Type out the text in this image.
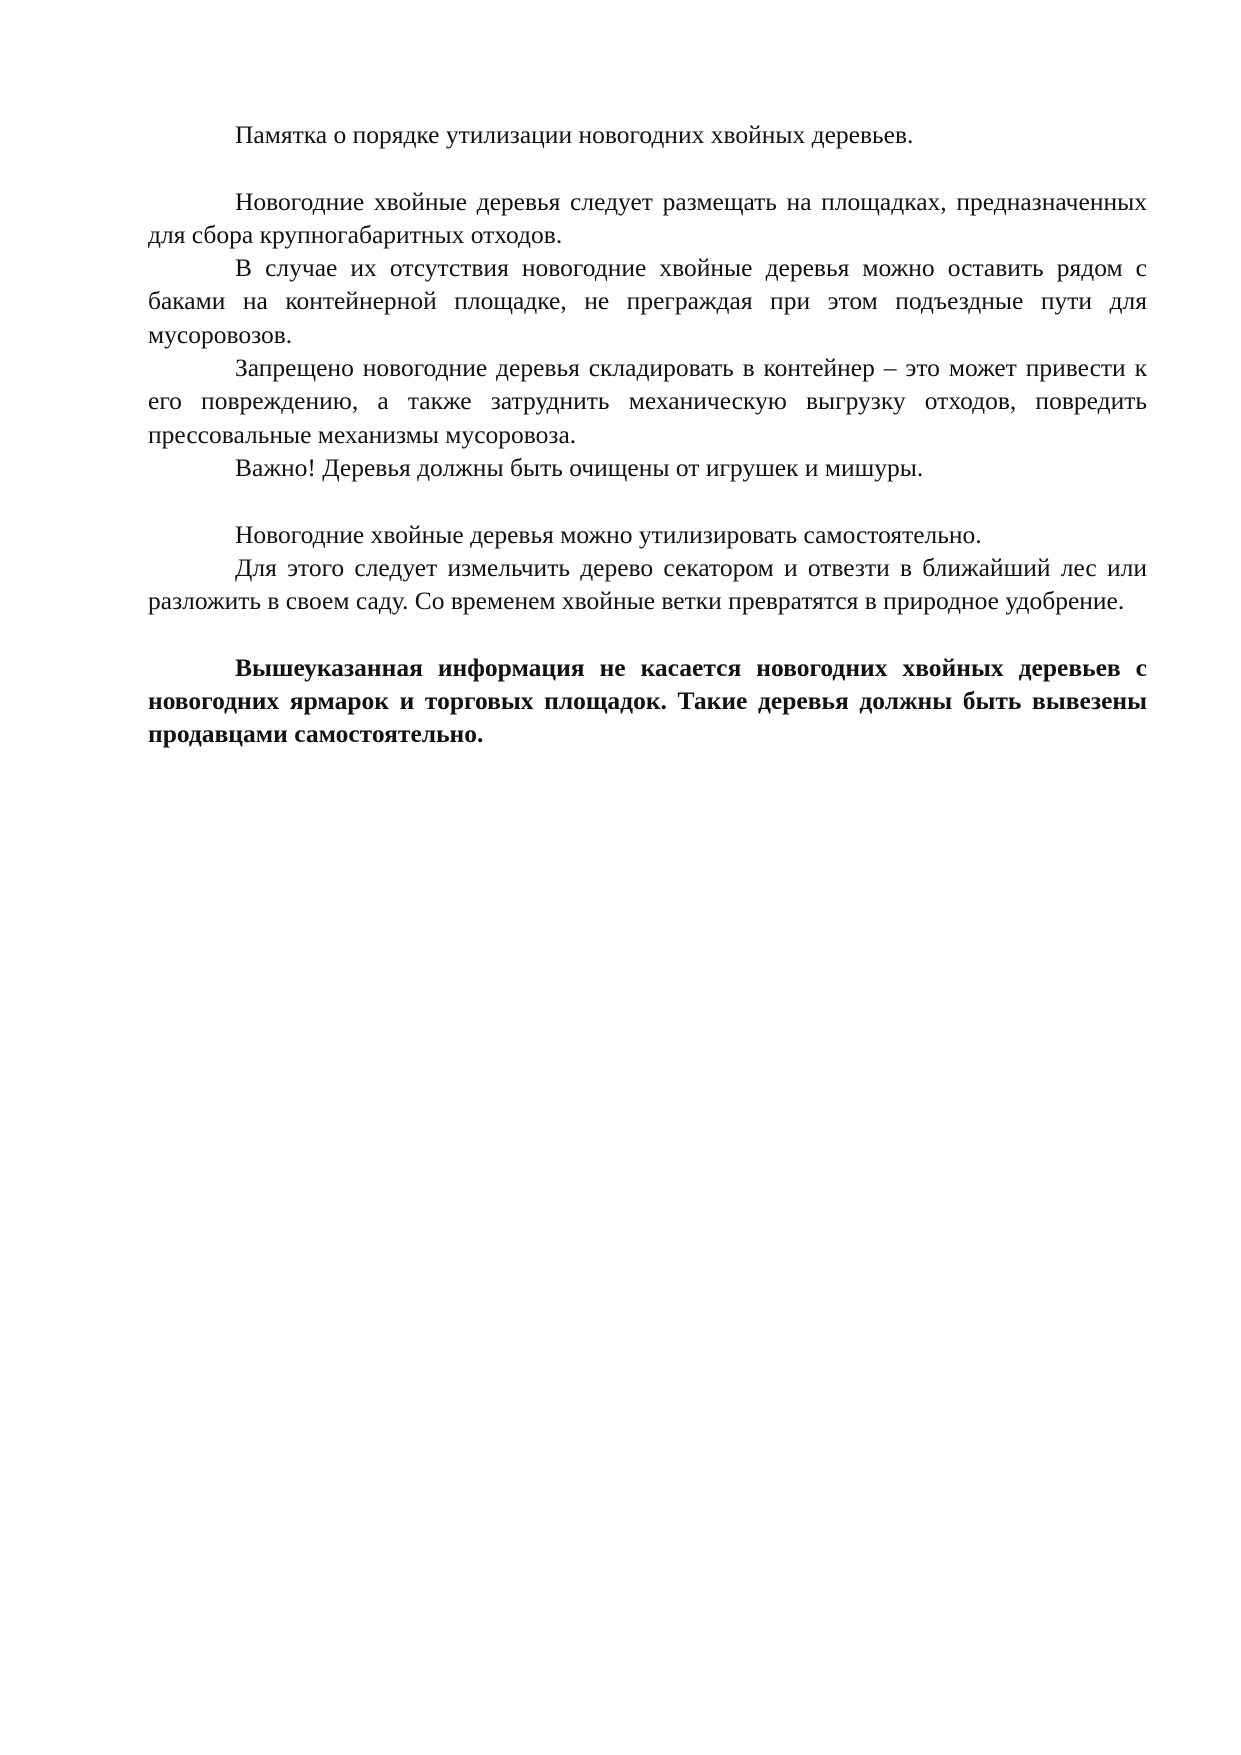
Памятка о порядке утилизации новогодних хвойных деревьев.

Новогодние хвойные деревья следует размещать на площадках, предназначенных для сбора крупногабаритных отходов.

В случае их отсутствия новогодние хвойные деревья можно оставить рядом с баками на контейнерной площадке, не преграждая при этом подъездные пути для мусоровозов.

Запрещено новогодние деревья складировать в контейнер – это может привести к его повреждению, а также затруднить механическую выгрузку отходов, повредить прессовальные механизмы мусоровоза.

Важно! Деревья должны быть очищены от игрушек и мишуры.

Новогодние хвойные деревья можно утилизировать самостоятельно.

Для этого следует измельчить дерево секатором и отвезти в ближайший лес или разложить в своем саду. Со временем хвойные ветки превратятся в природное удобрение.

Вышеуказанная информация не касается новогодних хвойных деревьев с новогодних ярмарок и торговых площадок. Такие деревья должны быть вывезены продавцами самостоятельно.
